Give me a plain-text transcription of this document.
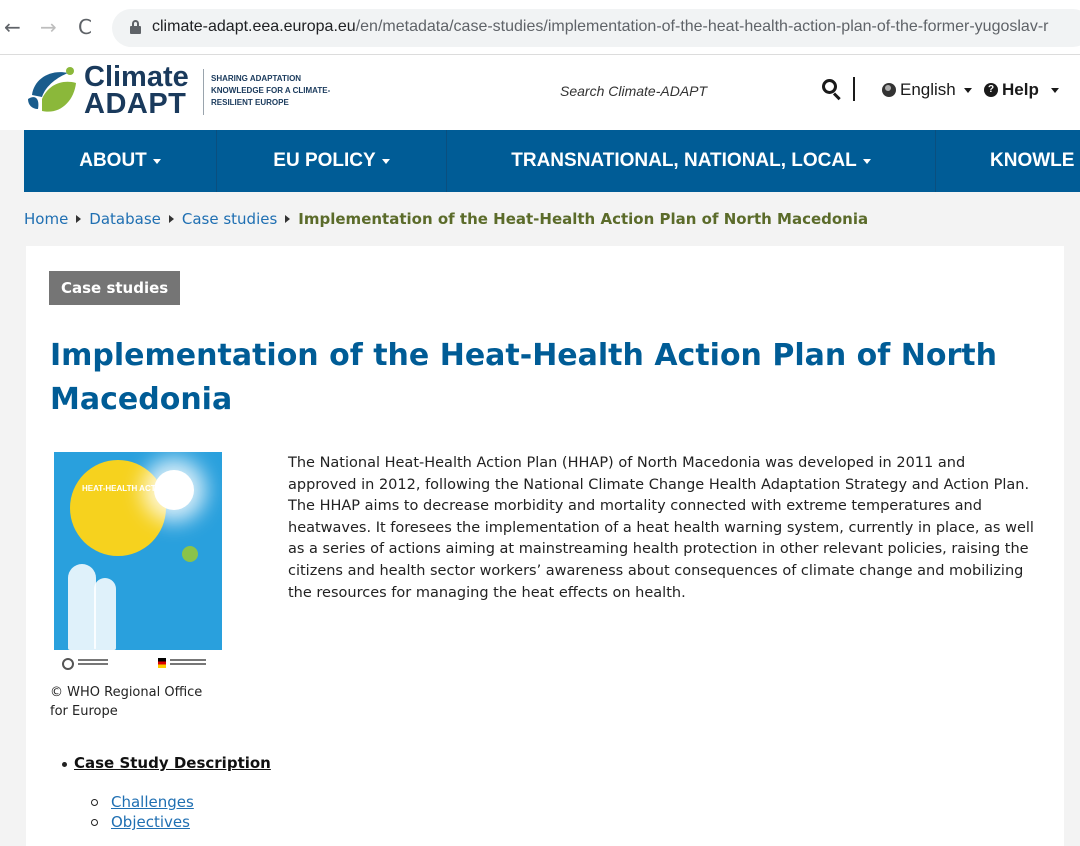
← → C	climate-adapt.eea.europa.eu/en/metadata/case-studies/implementation-of-the-heat-health-action-plan-of-the-former-yugoslav-r
Climate
ADAPT
SHARING ADAPTATION KNOWLEDGE FOR A CLIMATE-RESILIENT EUROPE
Search Climate-ADAPT	English	? Help
ABOUT	EU POLICY	TRANSNATIONAL, NATIONAL, LOCAL	KNOWLE
Home Database Case studies Implementation of the Heat-Health Action Plan of North Macedonia
Case studies
Implementation of the Heat-Health Action Plan of North Macedonia
HEAT-HEALTH ACTION PLAN
© WHO Regional Office for Europe

The National Heat-Health Action Plan (HHAP) of North Macedonia was developed in 2011 and approved in 2012, following the National Climate Change Health Adaptation Strategy and Action Plan. The HHAP aims to decrease morbidity and mortality connected with extreme temperatures and heatwaves. It foresees the implementation of a heat health warning system, currently in place, as well as a series of actions aiming at mainstreaming health protection in other relevant policies, raising the citizens and health sector workers’ awareness about consequences of climate change and mobilizing the resources for managing the heat effects on health.

Case Study Description
Challenges
Objectives
